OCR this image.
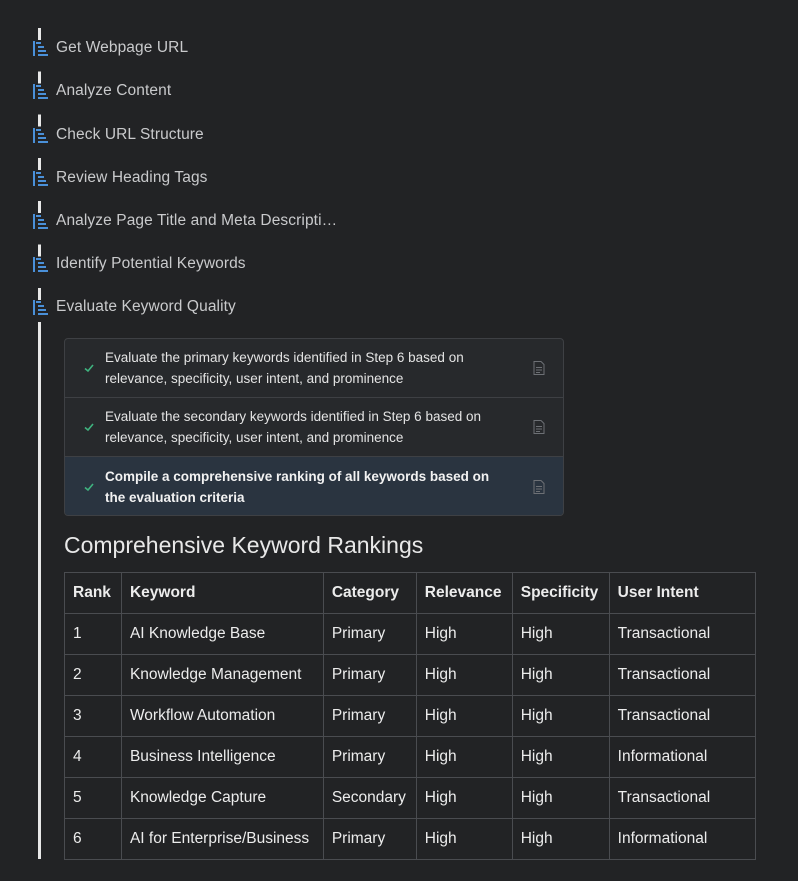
Get Webpage URL
Analyze Content
Check URL Structure
Review Heading Tags
Analyze Page Title and Meta Descripti…
Identify Potential Keywords
Evaluate Keyword Quality
Evaluate the primary keywords identified in Step 6 based on relevance, specificity, user intent, and prominence
Evaluate the secondary keywords identified in Step 6 based on relevance, specificity, user intent, and prominence
Compile a comprehensive ranking of all keywords based on the evaluation criteria
Comprehensive Keyword Rankings
Rank	Keyword	Category	Relevance	Specificity	User Intent
1	AI Knowledge Base	Primary	High	High	Transactional
2	Knowledge Management	Primary	High	High	Transactional
3	Workflow Automation	Primary	High	High	Transactional
4	Business Intelligence	Primary	High	High	Informational
5	Knowledge Capture	Secondary	High	High	Transactional
6	AI for Enterprise/Business	Primary	High	High	Informational
